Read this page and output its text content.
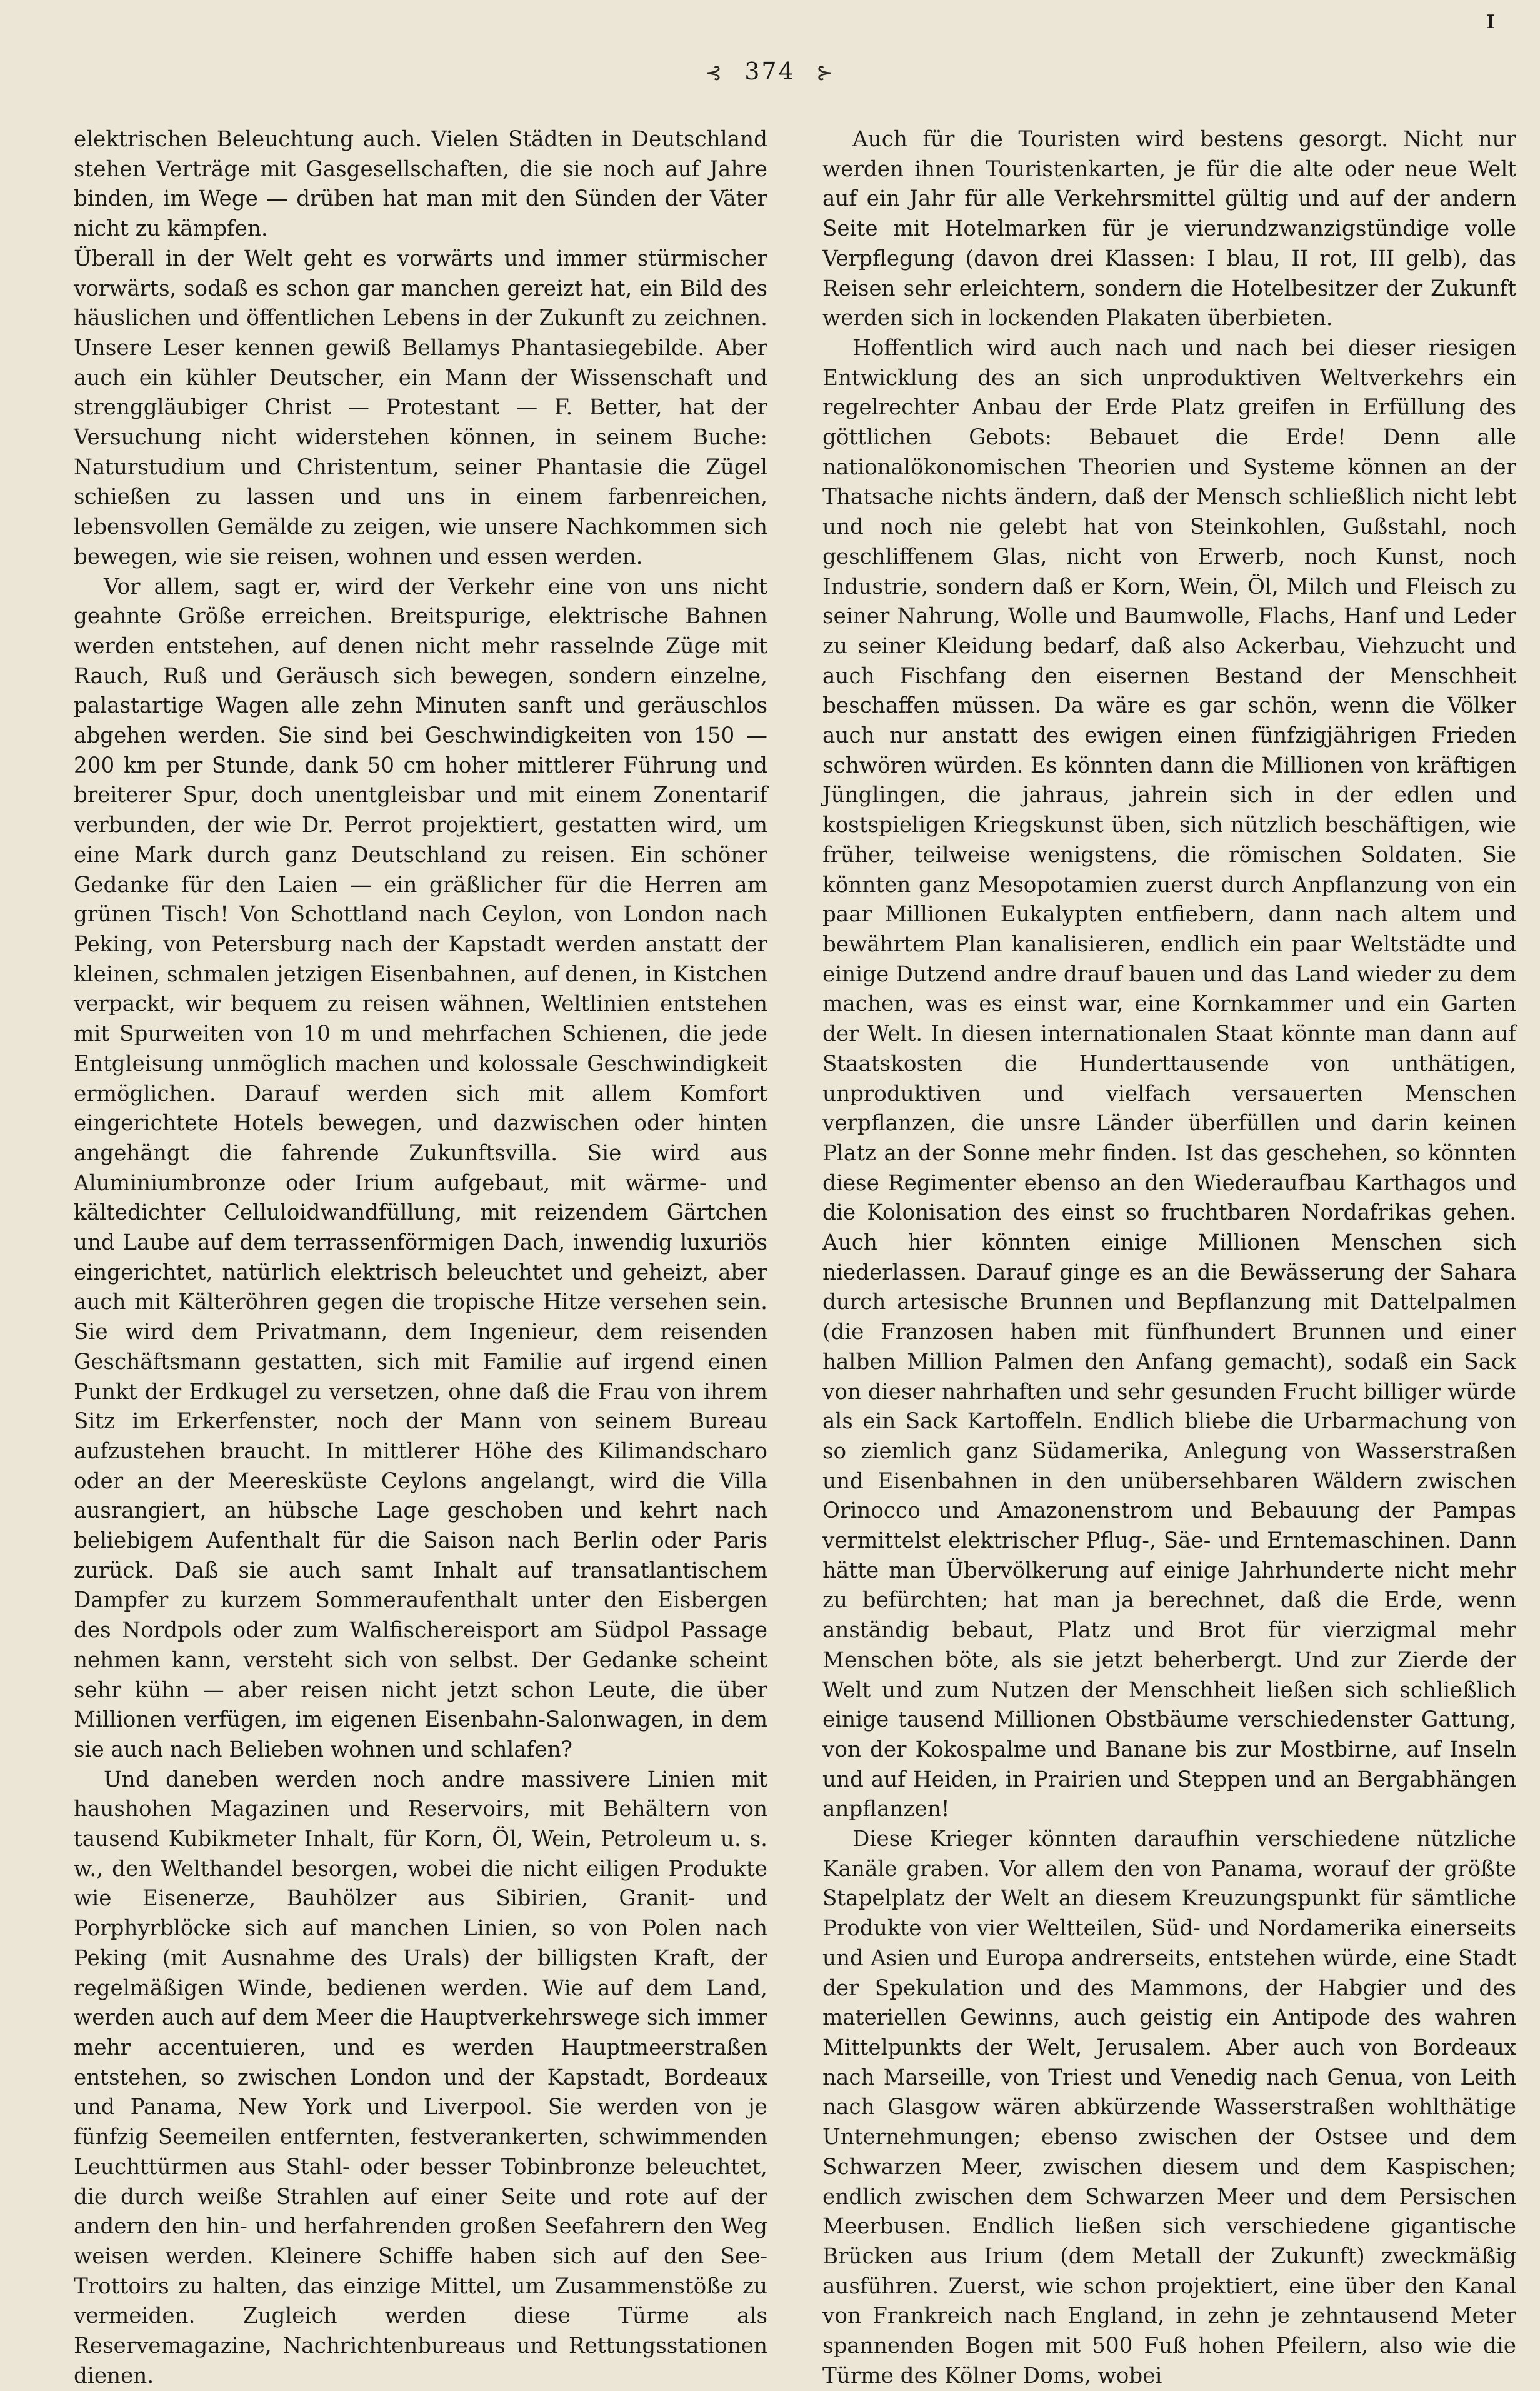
I
⊰ 374 ⊱

elektrischen Beleuchtung auch. Vielen Städten in Deutschland stehen Verträge mit Gasgesellschaften, die sie noch auf Jahre binden, im Wege — drüben hat man mit den Sünden der Väter nicht zu kämpfen.

Überall in der Welt geht es vorwärts und immer stürmischer vorwärts, sodaß es schon gar manchen gereizt hat, ein Bild des häuslichen und öffentlichen Lebens in der Zukunft zu zeichnen. Unsere Leser kennen gewiß Bellamys Phantasiegebilde. Aber auch ein kühler Deutscher, ein Mann der Wissenschaft und strenggläubiger Christ — Protestant — F. Better, hat der Versuchung nicht widerstehen können, in seinem Buche: Naturstudium und Christentum, seiner Phantasie die Zügel schießen zu lassen und uns in einem farbenreichen, lebensvollen Gemälde zu zeigen, wie unsere Nachkommen sich bewegen, wie sie reisen, wohnen und essen werden.

Vor allem, sagt er, wird der Verkehr eine von uns nicht geahnte Größe erreichen. Breitspurige, elektrische Bahnen werden entstehen, auf denen nicht mehr rasselnde Züge mit Rauch, Ruß und Geräusch sich bewegen, sondern einzelne, palastartige Wagen alle zehn Minuten sanft und geräuschlos abgehen werden. Sie sind bei Geschwindigkeiten von 150 — 200 km per Stunde, dank 50 cm hoher mittlerer Führung und breiterer Spur, doch unentgleisbar und mit einem Zonentarif verbunden, der wie Dr. Perrot projektiert, gestatten wird, um eine Mark durch ganz Deutschland zu reisen. Ein schöner Gedanke für den Laien — ein gräßlicher für die Herren am grünen Tisch! Von Schottland nach Ceylon, von London nach Peking, von Petersburg nach der Kapstadt werden anstatt der kleinen, schmalen jetzigen Eisenbahnen, auf denen, in Kistchen verpackt, wir bequem zu reisen wähnen, Weltlinien entstehen mit Spurweiten von 10 m und mehrfachen Schienen, die jede Entgleisung unmöglich machen und kolossale Geschwindigkeit ermöglichen. Darauf werden sich mit allem Komfort eingerichtete Hotels bewegen, und dazwischen oder hinten angehängt die fahrende Zukunftsvilla. Sie wird aus Aluminiumbronze oder Irium aufgebaut, mit wärme- und kältedichter Celluloidwandfüllung, mit reizendem Gärtchen und Laube auf dem terrassenförmigen Dach, inwendig luxuriös eingerichtet, natürlich elektrisch beleuchtet und geheizt, aber auch mit Kälteröhren gegen die tropische Hitze versehen sein. Sie wird dem Privatmann, dem Ingenieur, dem reisenden Geschäftsmann gestatten, sich mit Familie auf irgend einen Punkt der Erdkugel zu versetzen, ohne daß die Frau von ihrem Sitz im Erkerfenster, noch der Mann von seinem Bureau aufzustehen braucht. In mittlerer Höhe des Kilimandscharo oder an der Meeresküste Ceylons angelangt, wird die Villa ausrangiert, an hübsche Lage geschoben und kehrt nach beliebigem Aufenthalt für die Saison nach Berlin oder Paris zurück. Daß sie auch samt Inhalt auf transatlantischem Dampfer zu kurzem Sommeraufenthalt unter den Eisbergen des Nordpols oder zum Walfischereisport am Südpol Passage nehmen kann, versteht sich von selbst. Der Gedanke scheint sehr kühn — aber reisen nicht jetzt schon Leute, die über Millionen verfügen, im eigenen Eisenbahn-Salonwagen, in dem sie auch nach Belieben wohnen und schlafen?

Und daneben werden noch andre massivere Linien mit haushohen Magazinen und Reservoirs, mit Behältern von tausend Kubikmeter Inhalt, für Korn, Öl, Wein, Petroleum u. s. w., den Welthandel besorgen, wobei die nicht eiligen Produkte wie Eisenerze, Bauhölzer aus Sibirien, Granit- und Porphyrblöcke sich auf manchen Linien, so von Polen nach Peking (mit Ausnahme des Urals) der billigsten Kraft, der regelmäßigen Winde, bedienen werden. Wie auf dem Land, werden auch auf dem Meer die Hauptverkehrswege sich immer mehr accentuieren, und es werden Hauptmeerstraßen entstehen, so zwischen London und der Kapstadt, Bordeaux und Panama, New York und Liverpool. Sie werden von je fünfzig Seemeilen entfernten, festverankerten, schwimmenden Leuchttürmen aus Stahl- oder besser Tobinbronze beleuchtet, die durch weiße Strahlen auf einer Seite und rote auf der andern den hin- und herfahrenden großen Seefahrern den Weg weisen werden. Kleinere Schiffe haben sich auf den See-Trottoirs zu halten, das einzige Mittel, um Zusammenstöße zu vermeiden. Zugleich werden diese Türme als Reservemagazine, Nachrichtenbureaus und Rettungsstationen dienen.

Auch für die Touristen wird bestens gesorgt. Nicht nur werden ihnen Touristenkarten, je für die alte oder neue Welt auf ein Jahr für alle Verkehrsmittel gültig und auf der andern Seite mit Hotelmarken für je vierundzwanzigstündige volle Verpflegung (davon drei Klassen: I blau, II rot, III gelb), das Reisen sehr erleichtern, sondern die Hotelbesitzer der Zukunft werden sich in lockenden Plakaten überbieten.

Hoffentlich wird auch nach und nach bei dieser riesigen Entwicklung des an sich unproduktiven Weltverkehrs ein regelrechter Anbau der Erde Platz greifen in Erfüllung des göttlichen Gebots: Bebauet die Erde! Denn alle nationalökonomischen Theorien und Systeme können an der Thatsache nichts ändern, daß der Mensch schließlich nicht lebt und noch nie gelebt hat von Steinkohlen, Gußstahl, noch geschliffenem Glas, nicht von Erwerb, noch Kunst, noch Industrie, sondern daß er Korn, Wein, Öl, Milch und Fleisch zu seiner Nahrung, Wolle und Baumwolle, Flachs, Hanf und Leder zu seiner Kleidung bedarf, daß also Ackerbau, Viehzucht und auch Fischfang den eisernen Bestand der Menschheit beschaffen müssen. Da wäre es gar schön, wenn die Völker auch nur anstatt des ewigen einen fünfzigjährigen Frieden schwören würden. Es könnten dann die Millionen von kräftigen Jünglingen, die jahraus, jahrein sich in der edlen und kostspieligen Kriegskunst üben, sich nützlich beschäftigen, wie früher, teilweise wenigstens, die römischen Soldaten. Sie könnten ganz Mesopotamien zuerst durch Anpflanzung von ein paar Millionen Eukalypten entfiebern, dann nach altem und bewährtem Plan kanalisieren, endlich ein paar Weltstädte und einige Dutzend andre drauf bauen und das Land wieder zu dem machen, was es einst war, eine Kornkammer und ein Garten der Welt. In diesen internationalen Staat könnte man dann auf Staatskosten die Hunderttausende von unthätigen, unproduktiven und vielfach versauerten Menschen verpflanzen, die unsre Länder überfüllen und darin keinen Platz an der Sonne mehr finden. Ist das geschehen, so könnten diese Regimenter ebenso an den Wiederaufbau Karthagos und die Kolonisation des einst so fruchtbaren Nordafrikas gehen. Auch hier könnten einige Millionen Menschen sich niederlassen. Darauf ginge es an die Bewässerung der Sahara durch artesische Brunnen und Bepflanzung mit Dattelpalmen (die Franzosen haben mit fünfhundert Brunnen und einer halben Million Palmen den Anfang gemacht), sodaß ein Sack von dieser nahrhaften und sehr gesunden Frucht billiger würde als ein Sack Kartoffeln. Endlich bliebe die Urbarmachung von so ziemlich ganz Südamerika, Anlegung von Wasserstraßen und Eisenbahnen in den unübersehbaren Wäldern zwischen Orinocco und Amazonenstrom und Bebauung der Pampas vermittelst elektrischer Pflug-, Säe- und Erntemaschinen. Dann hätte man Übervölkerung auf einige Jahrhunderte nicht mehr zu befürchten; hat man ja berechnet, daß die Erde, wenn anständig bebaut, Platz und Brot für vierzigmal mehr Menschen böte, als sie jetzt beherbergt. Und zur Zierde der Welt und zum Nutzen der Menschheit ließen sich schließlich einige tausend Millionen Obstbäume verschiedenster Gattung, von der Kokospalme und Banane bis zur Mostbirne, auf Inseln und auf Heiden, in Prairien und Steppen und an Bergabhängen anpflanzen!

Diese Krieger könnten daraufhin verschiedene nützliche Kanäle graben. Vor allem den von Panama, worauf der größte Stapelplatz der Welt an diesem Kreuzungspunkt für sämtliche Produkte von vier Weltteilen, Süd- und Nordamerika einerseits und Asien und Europa andrerseits, entstehen würde, eine Stadt der Spekulation und des Mammons, der Habgier und des materiellen Gewinns, auch geistig ein Antipode des wahren Mittelpunkts der Welt, Jerusalem. Aber auch von Bordeaux nach Marseille, von Triest und Venedig nach Genua, von Leith nach Glasgow wären abkürzende Wasserstraßen wohlthätige Unternehmungen; ebenso zwischen der Ostsee und dem Schwarzen Meer, zwischen diesem und dem Kaspischen; endlich zwischen dem Schwarzen Meer und dem Persischen Meerbusen. Endlich ließen sich verschiedene gigantische Brücken aus Irium (dem Metall der Zukunft) zweckmäßig ausführen. Zuerst, wie schon projektiert, eine über den Kanal von Frankreich nach England, in zehn je zehntausend Meter spannenden Bogen mit 500 Fuß hohen Pfeilern, also wie die Türme des Kölner Doms, wobei
